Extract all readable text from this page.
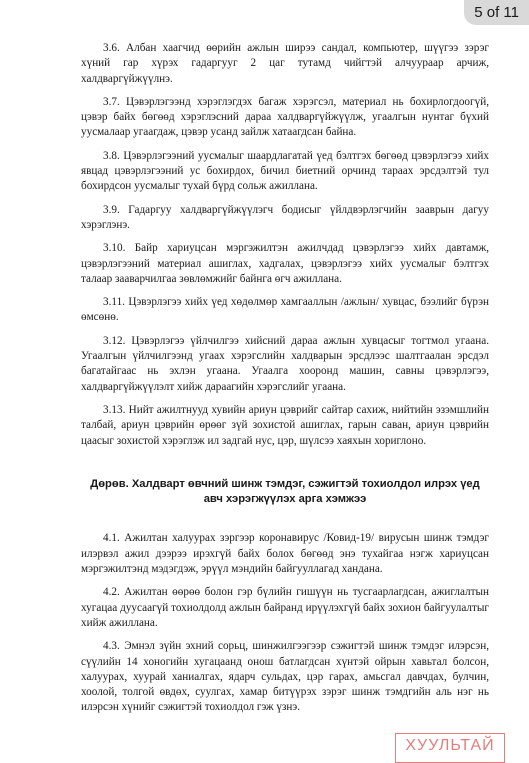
5 of 11

3.6. Албан хаагчид өөрийн ажлын ширээ сандал, компьютер, шүүгээ зэрэг хүний гар хүрэх гадаргууг 2 цаг тутамд чийгтэй алчуураар арчиж, халдваргүйжүүлнэ.

3.7. Цэвэрлэгээнд хэрэглэгдэх багаж хэрэгсэл, материал нь бохирлогдоогүй, цэвэр байх бөгөөд хэрэглэсний дараа халдваргүйжүүлж, угаалгын нунтаг бүхий уусмалаар угаагдаж, цэвэр усанд зайлж хатаагдсан байна.

3.8. Цэвэрлэгээний уусмалыг шаардлагатай үед бэлтгэх бөгөөд цэвэрлэгээ хийх явцад цэвэрлэгээний ус бохирдох, бичил биетний орчинд тараах эрсдэлтэй тул бохирдсон уусмалыг тухай бүрд сольж ажиллана.

3.9. Гадаргуу халдваргүйжүүлэгч бодисыг үйлдвэрлэгчийн зааврын дагуу хэрэглэнэ.

3.10. Байр хариуцсан мэргэжилтэн ажилчдад цэвэрлэгээ хийх давтамж, цэвэрлэгээний материал ашиглах, хадгалах, цэвэрлэгээ хийх уусмалыг бэлтгэх талаар зааварчилгаа зөвлөмжийг байнга өгч ажиллана.

3.11. Цэвэрлэгээ хийх үед хөдөлмөр хамгааллын /ажлын/ хувцас, бээлийг бүрэн өмсөнө.

3.12. Цэвэрлэгээ үйлчилгээ хийсний дараа ажлын хувцасыг тогтмол угаана. Угаалгын үйлчилгээнд угаах хэрэгслийн халдварын эрсдлээс шалтгаалан эрсдэл багатайгаас нь эхлэн угаана. Угаалга хооронд машин, савны цэвэрлэгээ, халдваргүйжүүлэлт хийж дараагийн хэрэгслийг угаана.

3.13. Нийт ажилтнууд хувийн ариун цэврийг сайтар сахиж, нийтийн эзэмшлийн талбай, ариун цэврийн өрөөг зүй зохистой ашиглах, гарын саван, ариун цэврийн цаасыг зохистой хэрэглэж ил задгай нус, цэр, шүлсээ хаяхын хориглоно.

Дөрөв. Халдварт өвчний шинж тэмдэг, сэжигтэй тохиолдол илрэх үед авч хэрэгжүүлэх арга хэмжээ

4.1. Ажилтан халуурах зэргээр коронавирус /Ковид-19/ вирусын шинж тэмдэг илэрвэл ажил дээрээ ирэхгүй байх болох бөгөөд энэ тухайгаа нэгж хариуцсан мэргэжилтэнд мэдэгдэж, эрүүл мэндийн байгууллагад хандана.

4.2. Ажилтан өөрөө болон гэр бүлийн гишүүн нь тусгаарлагдсан, ажиглалтын хугацаа дуусаагүй тохиолдолд ажлын байранд ирүүлэхгүй байх зохион байгуулалтыг хийж ажиллана.

4.3. Эмнэл зүйн эхний сорьц, шинжилгээгээр сэжигтэй шинж тэмдэг илэрсэн, сүүлийн 14 хоногийн хугацаанд онош батлагдсан хүнтэй ойрын хавьтал болсон, халуурах, хуурай ханиалгах, ядарч сульдах, цэр гарах, амьсгал давчдах, булчин, хоолой, толгой өвдөх, суулгах, хамар битүүрэх зэрэг шинж тэмдгийн аль нэг нь илэрсэн хүнийг сэжигтэй тохиолдол гэж үзнэ.

ХУУЛЬТАЙ
